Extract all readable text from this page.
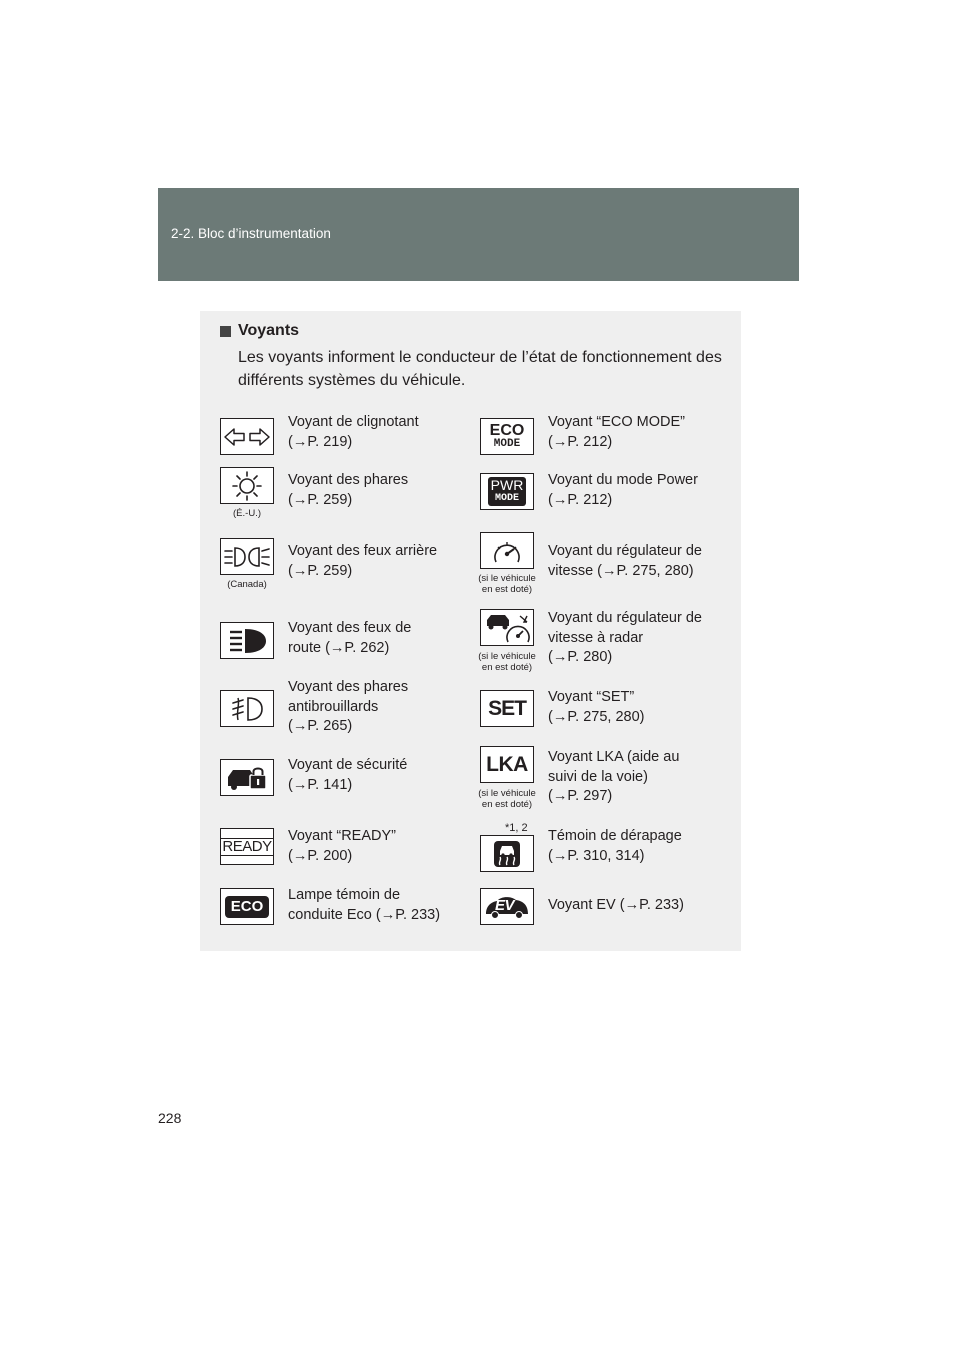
2-2. Bloc d’instrumentation
Voyants
Les voyants informent le conducteur de l’état de fonctionnement des différents systèmes du véhicule.
Voyant de clignotant
(→P. 219)
(É.-U.)
Voyant des phares
(→P. 259)
(Canada)
Voyant des feux arrière
(→P. 259)
Voyant des feux de
route (→P. 262)
Voyant des phares
antibrouillards
(→P. 265)
Voyant de sécurité
(→P. 141)
READY
Voyant “READY”
(→P. 200)
ECO
Lampe témoin de
conduite Eco (→P. 233)
ECO
MODE
Voyant “ECO MODE”
(→P. 212)
PWR
MODE
Voyant du mode Power
(→P. 212)
(si le véhicule
en est doté)
Voyant du régulateur de
vitesse (→P. 275, 280)
(si le véhicule
en est doté)
Voyant du régulateur de
vitesse à radar
(→P. 280)
SET Voyant “SET”
(→P. 275, 280)
LKA
(si le véhicule
en est doté)
Voyant LKA (aide au
suivi de la voie)
(→P. 297)
*1, 2 Témoin de dérapage
(→P. 310, 314)
EV Voyant EV (→P. 233)
228
